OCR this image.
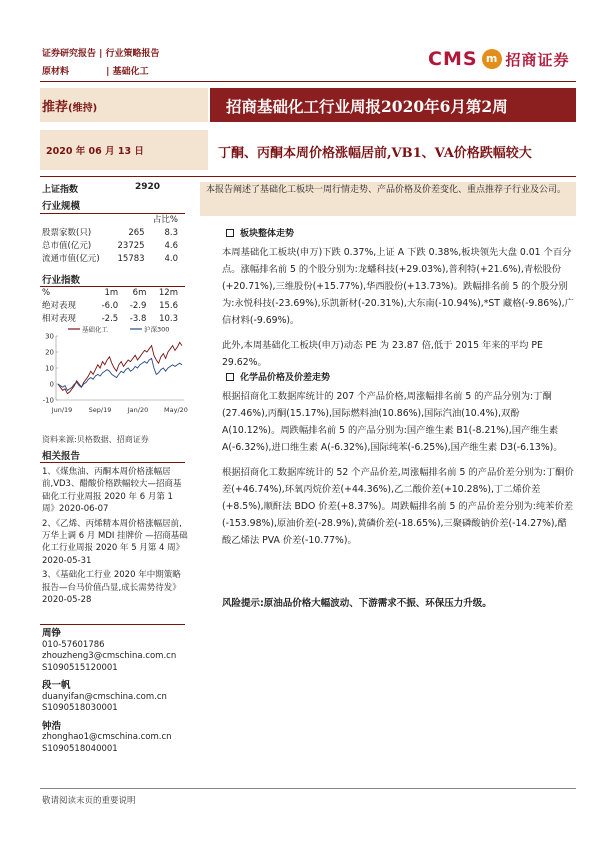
证券研究报告 | 行业策略报告
原材料	| 基础化工
CMS m 招商证券
推荐(维持)	招商基础化工行业周报2020年6月第2周
2020 年 06 月 13 日	丁酮、丙酮本周价格涨幅居前,VB1、VA价格跌幅较大
上证指数	2920
行业规模
		占比%
股票家数(只)	265	8.3
总市值(亿元)	23725	4.6
流通市值(亿元)	15783	4.0
行业指数
%	1m	6m	12m
绝对表现	-6.0	-2.9	15.6
相对表现	-2.5	-3.8	10.3
30
20
10
0
-10
Jun/19	Sep/19	Jan/20 May/20
基础化工	沪深300
资料来源:贝格数据、招商证券
相关报告
1、《煤焦油、丙酮本周价格涨幅居前,VD3、醋酸价格跌幅较大—招商基础化工行业周报 2020 年 6 月第 1 周》2020-06-07
2、《乙烯、丙烯精本周价格涨幅居前,万华上调 6 月 MDI 挂牌价 —招商基础化工行业周报 2020 年 5 月第 4 周》2020-05-31
3、《基础化工行业 2020 年中期策略报告—台马价值凸显,成长需势待发》2020-05-28
周铮
010-57601786
zhouzheng3@cmschina.com.cn
S1090515120001
段一帆
duanyifan@cmschina.com.cn
S1090518030001
钟浩
zhonghao1@cmschina.com.cn
S1090518040001
本报告阐述了基础化工板块一周行情走势、产品价格及价差变化、重点推荐子行业及公司。
板块整体走势

本周基础化工板块(申万)下跌 0.37%,上证 A 下跌 0.38%,板块领先大盘 0.01 个百分点。涨幅排名前 5 的个股分别为:龙蟠科技(+29.03%),普利特(+21.6%),青松股份(+20.71%),三维股份(+15.77%),华西股份(+13.73%)。跌幅排名前 5 的个股分别为:永悦科技(-23.69%),乐凯新材(-20.31%),大东南(-10.94%),*ST 藏格(-9.86%),广信材料(-9.69%)。

此外,本周基础化工板块(申万)动态 PE 为 23.87 倍,低于 2015 年来的平均 PE 29.62%。

化学品价格及价差走势

根据招商化工数据库统计的 207 个产品价格,周涨幅排名前 5 的产品分别为:丁酮(27.46%),丙酮(15.17%),国际燃料油(10.86%),国际汽油(10.4%),双酚 A(10.12%)。周跌幅排名前 5 的产品分别为:国产维生素 B1(-8.21%),国产维生素 A(-6.32%),进口维生素 A(-6.32%),国际纯苯(-6.25%),国产维生素 D3(-6.13%)。

根据招商化工数据库统计的 52 个产品价差,周涨幅排名前 5 的产品价差分别为:丁酮价差(+46.74%),环氧丙烷价差(+44.36%),乙二酸价差(+10.28%),丁二烯价差(+8.5%),顺酐法 BDO 价差(+8.37%)。周跌幅排名前 5 的产品价差分别为:纯苯价差(-153.98%),原油价差(-28.9%),黄磷价差(-18.65%),三聚磷酸钠价差(-14.27%),醋酸乙烯法 PVA 价差(-10.77%)。

风险提示:原油品价格大幅波动、下游需求不振、环保压力升级。
敬请阅读末页的重要说明
